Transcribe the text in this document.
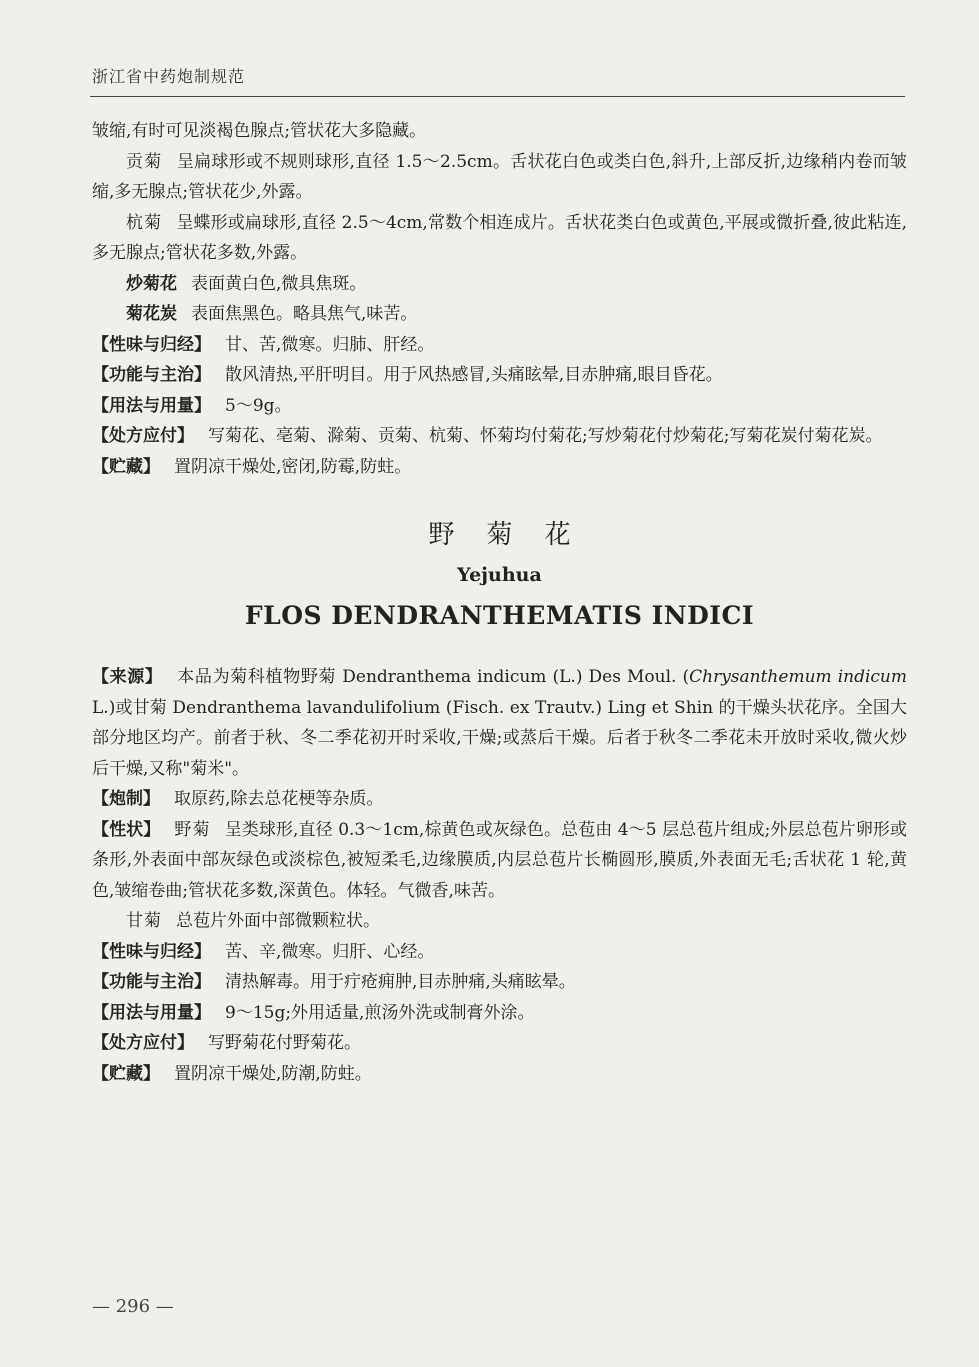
浙江省中药炮制规范

皱缩,有时可见淡褐色腺点;管状花大多隐藏。

贡菊 呈扁球形或不规则球形,直径 1.5～2.5cm。舌状花白色或类白色,斜升,上部反折,边缘稍内卷而皱缩,多无腺点;管状花少,外露。

杭菊 呈蝶形或扁球形,直径 2.5～4cm,常数个相连成片。舌状花类白色或黄色,平展或微折叠,彼此粘连,多无腺点;管状花多数,外露。

炒菊花 表面黄白色,微具焦斑。

菊花炭 表面焦黑色。略具焦气,味苦。

【性味与归经】 甘、苦,微寒。归肺、肝经。

【功能与主治】 散风清热,平肝明目。用于风热感冒,头痛眩晕,目赤肿痛,眼目昏花。

【用法与用量】 5～9g。

【处方应付】 写菊花、亳菊、滁菊、贡菊、杭菊、怀菊均付菊花;写炒菊花付炒菊花;写菊花炭付菊花炭。

【贮藏】 置阴凉干燥处,密闭,防霉,防蛀。

野菊花
Yejuhua
FLOS DENDRANTHEMATIS INDICI

【来源】 本品为菊科植物野菊 Dendranthema indicum (L.) Des Moul. (Chrysanthemum indicum L.)或甘菊 Dendranthema lavandulifolium (Fisch. ex Trautv.) Ling et Shin 的干燥头状花序。全国大部分地区均产。前者于秋、冬二季花初开时采收,干燥;或蒸后干燥。后者于秋冬二季花未开放时采收,微火炒后干燥,又称"菊米"。

【炮制】 取原药,除去总花梗等杂质。

【性状】 野菊 呈类球形,直径 0.3～1cm,棕黄色或灰绿色。总苞由 4～5 层总苞片组成;外层总苞片卵形或条形,外表面中部灰绿色或淡棕色,被短柔毛,边缘膜质,内层总苞片长椭圆形,膜质,外表面无毛;舌状花 1 轮,黄色,皱缩卷曲;管状花多数,深黄色。体轻。气微香,味苦。

甘菊 总苞片外面中部微颗粒状。

【性味与归经】 苦、辛,微寒。归肝、心经。

【功能与主治】 清热解毒。用于疔疮痈肿,目赤肿痛,头痛眩晕。

【用法与用量】 9～15g;外用适量,煎汤外洗或制膏外涂。

【处方应付】 写野菊花付野菊花。

【贮藏】 置阴凉干燥处,防潮,防蛀。

— 296 —
